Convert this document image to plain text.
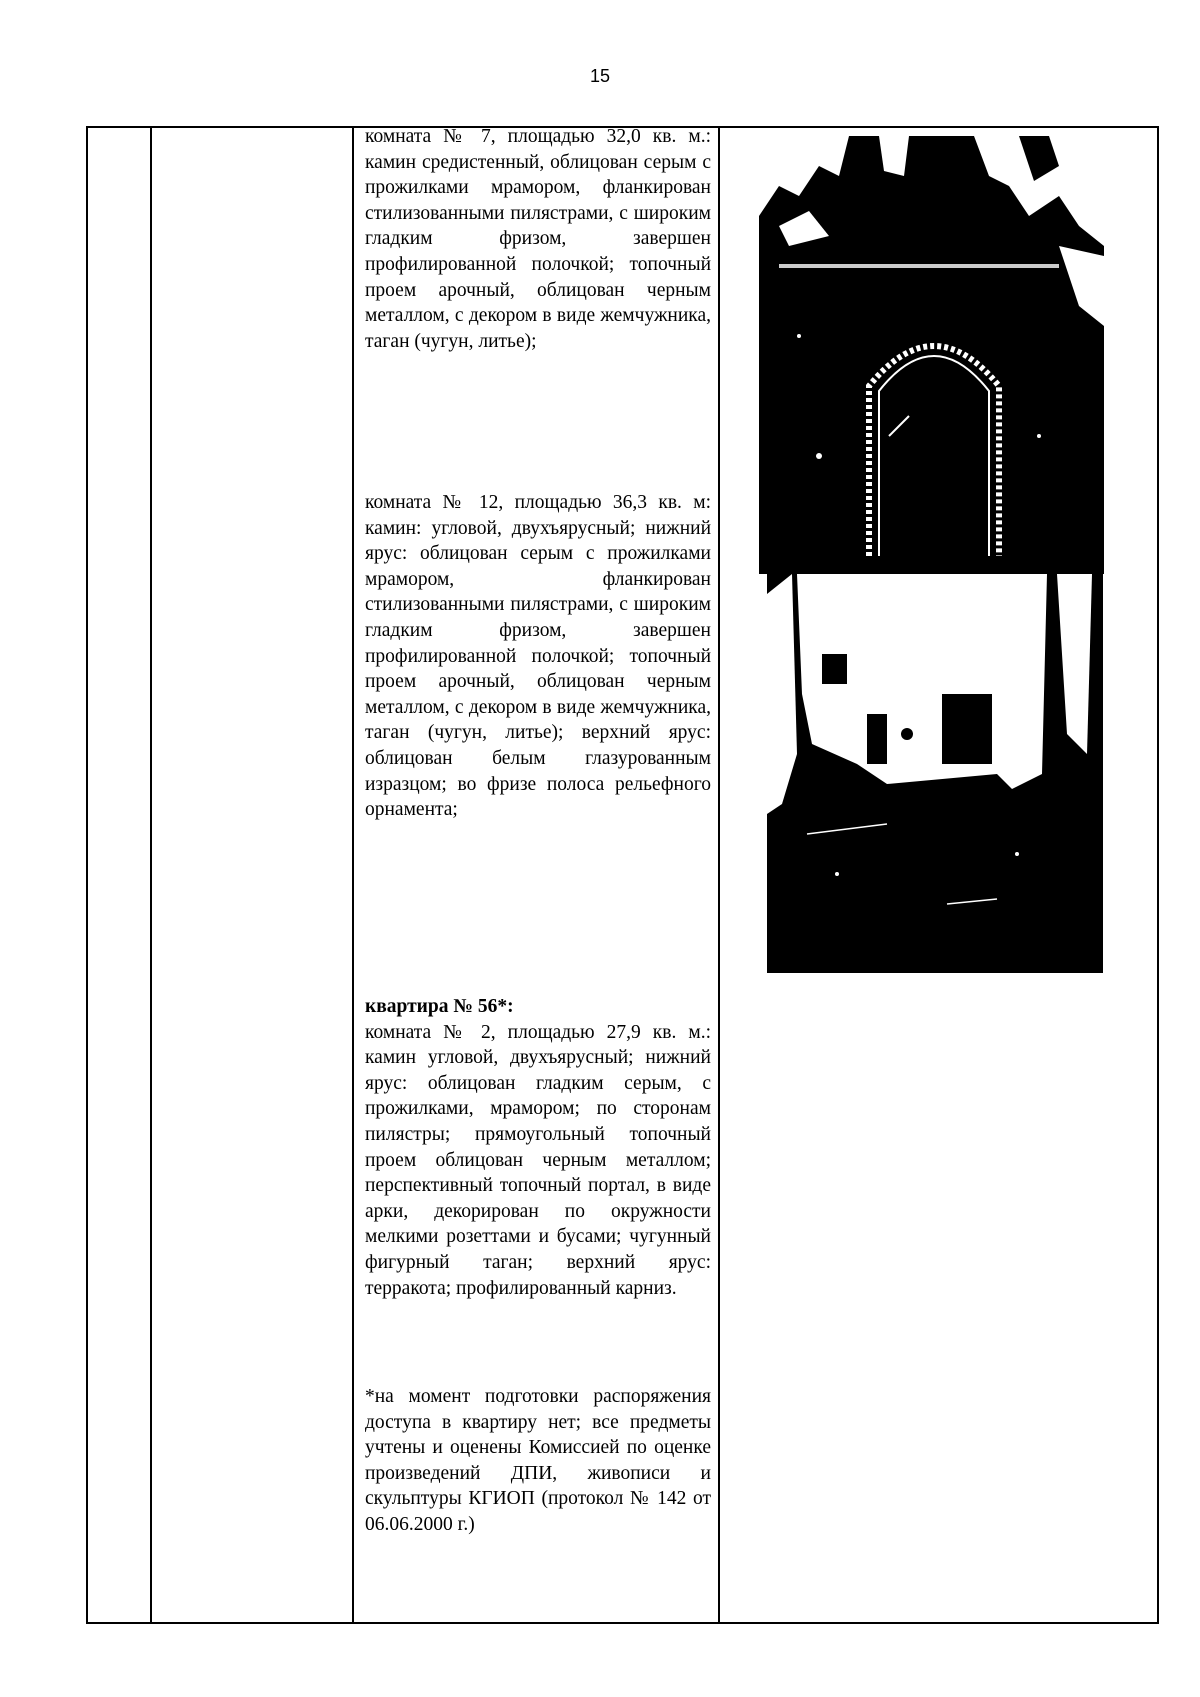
15

комната № 7, площадью 32,0 кв. м.: камин средистенный, облицован серым с прожилками мрамором, фланкирован стилизованными пилястрами, с широким гладким фризом, завершен профилированной полочкой; топочный проем арочный, облицован черным металлом, с декором в виде жемчужника, таган (чугун, литье);

комната № 12, площадью 36,3 кв. м: камин: угловой, двухъярусный; нижний ярус: облицован серым с прожилками мрамором, фланкирован стилизованными пилястрами, с широким гладким фризом, завершен профилированной полочкой; топочный проем арочный, облицован черным металлом, с декором в виде жемчужника, таган (чугун, литье); верхний ярус: облицован белым глазурованным изразцом; во фризе полоса рельефного орнамента;

квартира № 56*:

комната № 2, площадью 27,9 кв. м.: камин угловой, двухъярусный; нижний ярус: облицован гладким серым, с прожилками, мрамором; по сторонам пилястры; прямоугольный топочный проем облицован черным металлом; перспективный топочный портал, в виде арки, декорирован по окружности мелкими розеттами и бусами; чугунный фигурный таган; верхний ярус: терракота; профилированный карниз.

*на момент подготовки распоряжения доступа в квартиру нет; все предметы учтены и оценены Комиссией по оценке произведений ДПИ, живописи и скульптуры КГИОП (протокол № 142 от 06.06.2000 г.)
